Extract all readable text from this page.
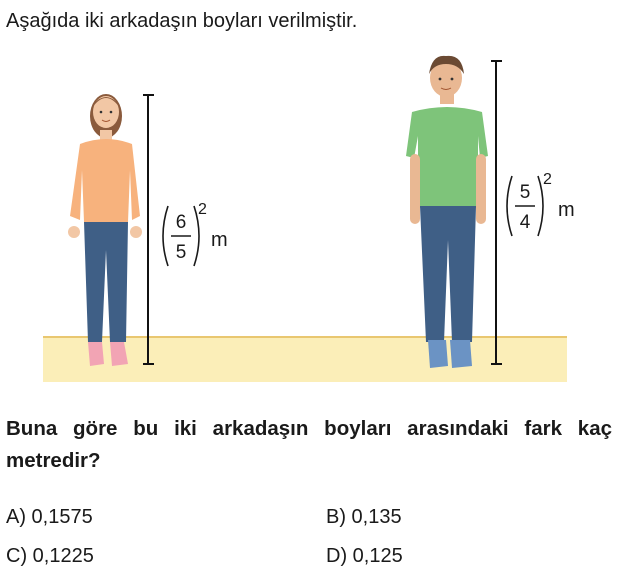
Aşağıda iki arkadaşın boyları verilmiştir.
6
5
2
m
5
4
2
m
Buna göre bu iki arkadaşın boyları arasındaki fark kaç metredir?
A) 0,1575	B) 0,135
C) 0,1225	D) 0,125
